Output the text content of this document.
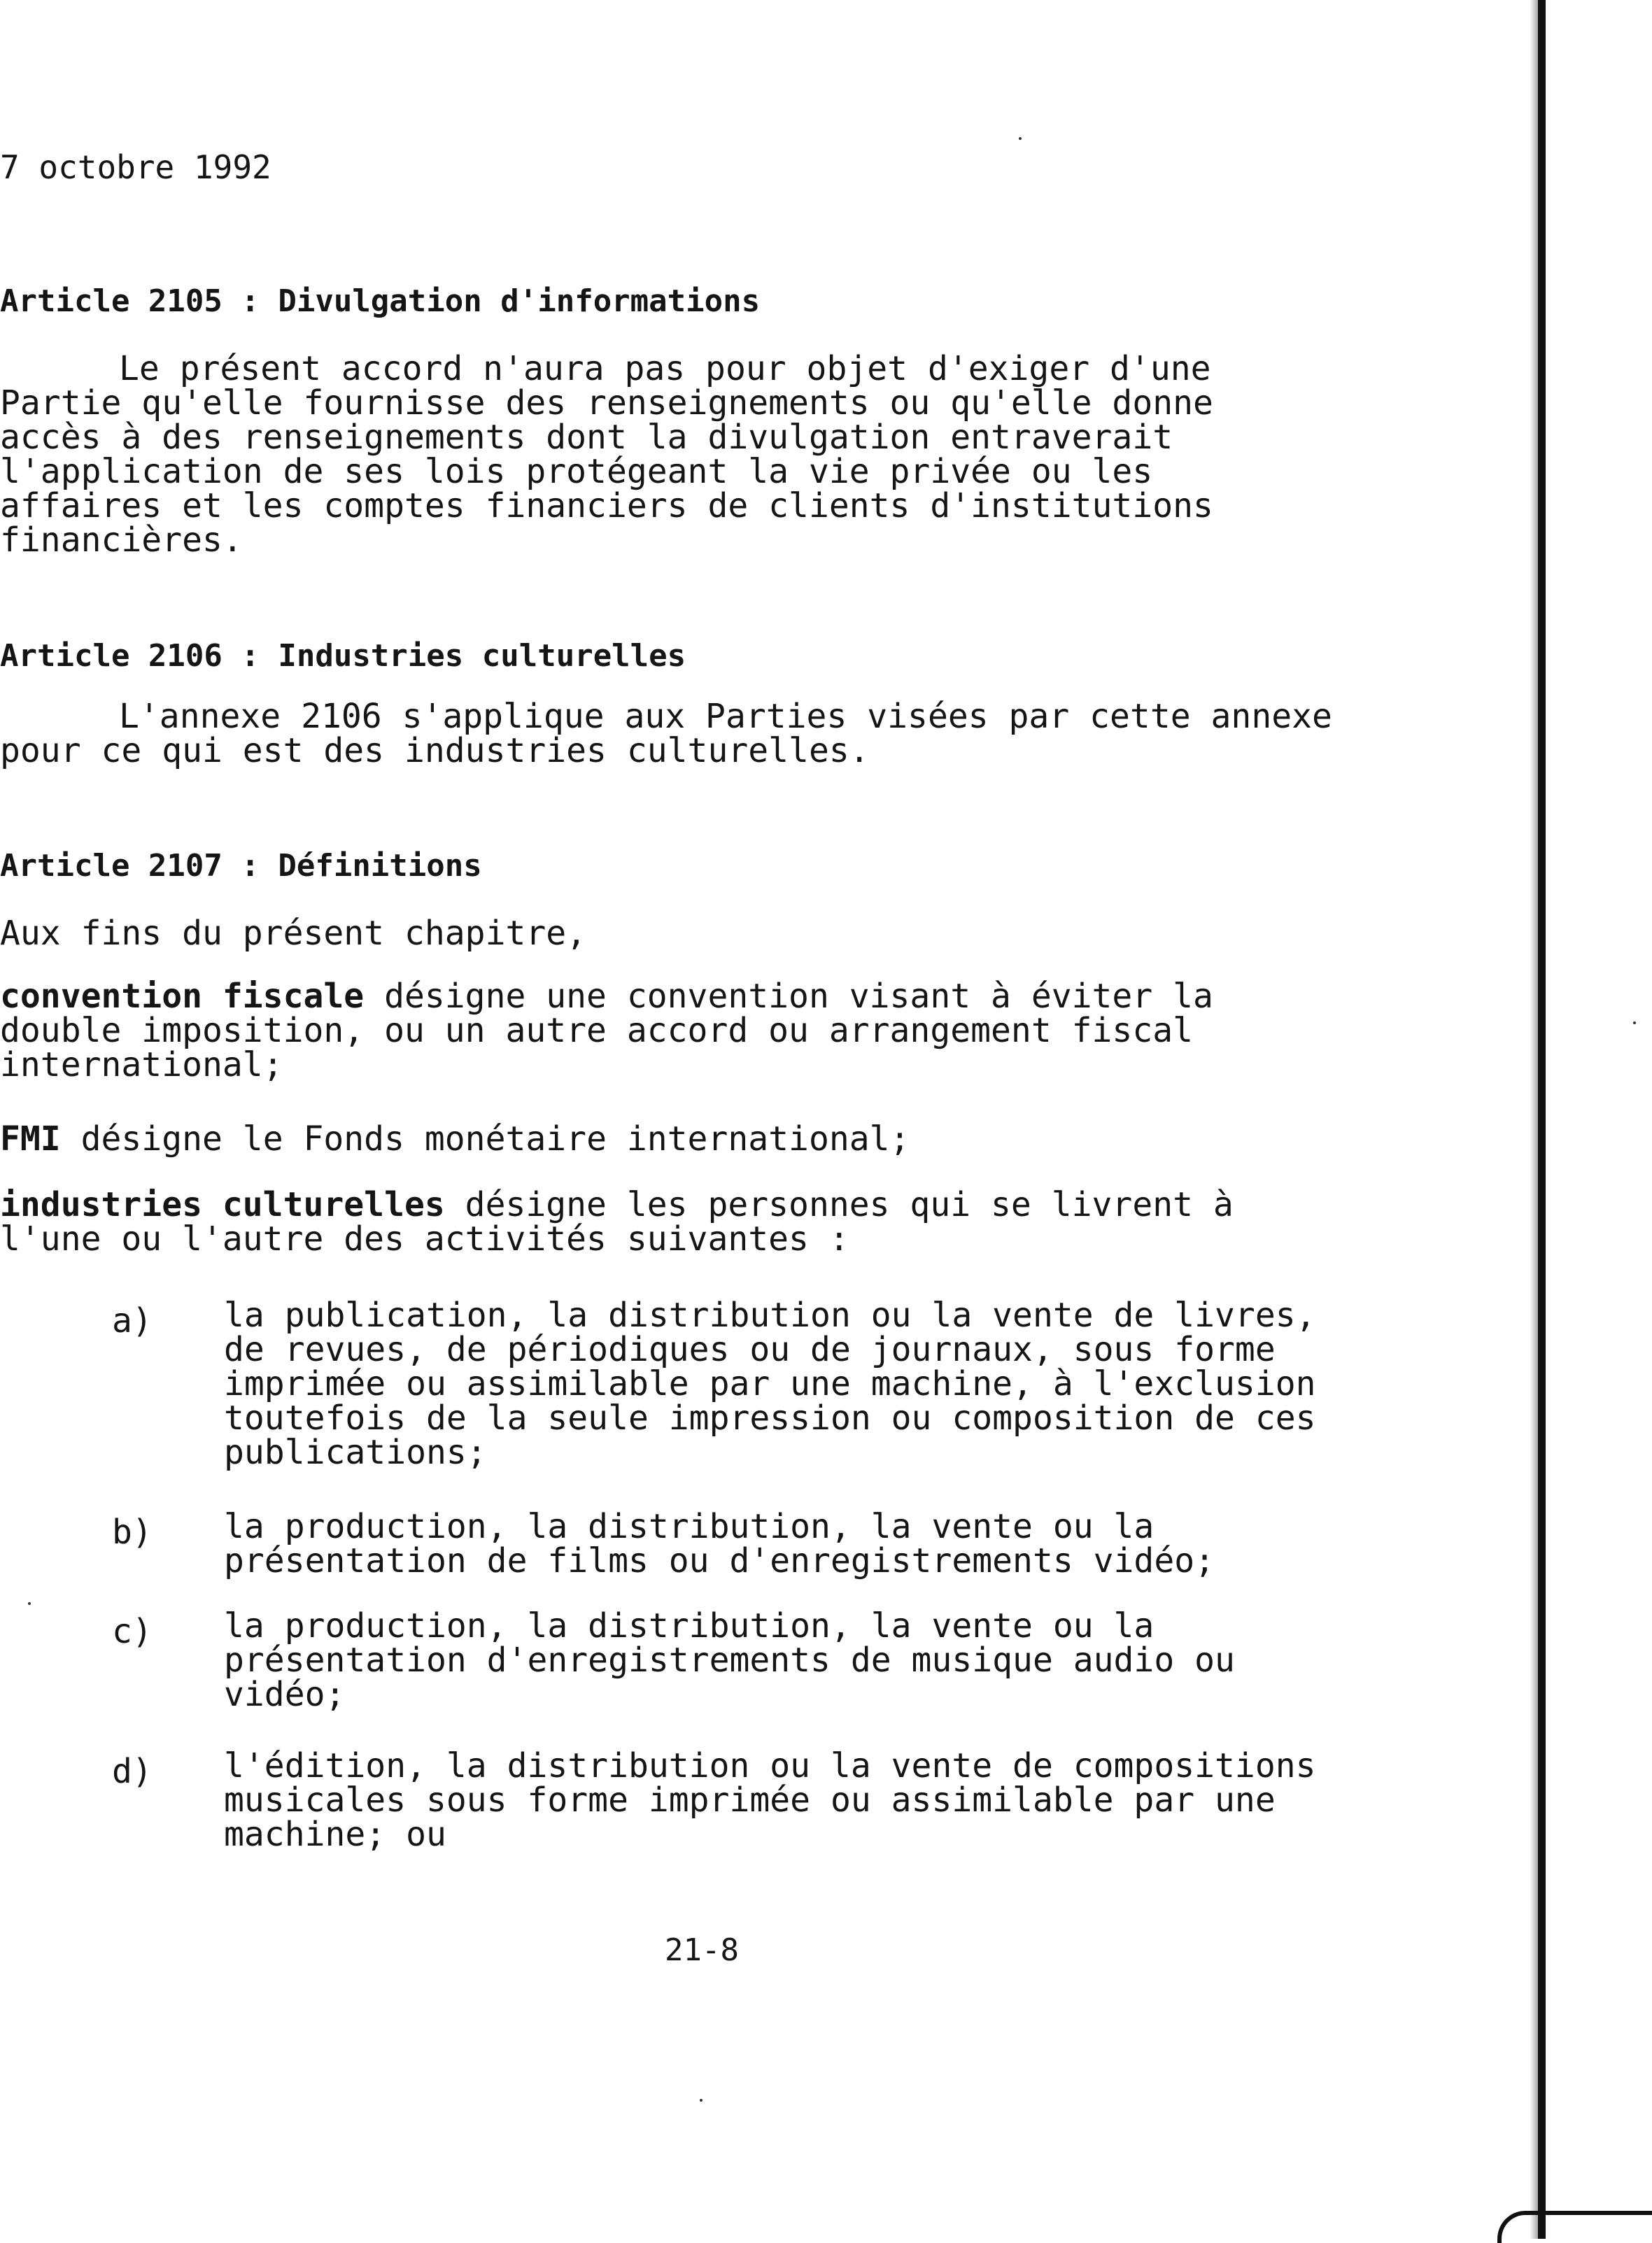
7 octobre 1992
Article 2105 : Divulgation d'informations
Le présent accord n'aura pas pour objet d'exiger d'une
Partie qu'elle fournisse des renseignements ou qu'elle donne
accès à des renseignements dont la divulgation entraverait
l'application de ses lois protégeant la vie privée ou les
affaires et les comptes financiers de clients d'institutions
financières.
Article 2106 : Industries culturelles
L'annexe 2106 s'applique aux Parties visées par cette annexe
pour ce qui est des industries culturelles.
Article 2107 : Définitions
Aux fins du présent chapitre,
convention fiscale désigne une convention visant à éviter la
double imposition, ou un autre accord ou arrangement fiscal
international;
FMI désigne le Fonds monétaire international;
industries culturelles désigne les personnes qui se livrent à
l'une ou l'autre des activités suivantes :
a)	la publication, la distribution ou la vente de livres,
de revues, de périodiques ou de journaux, sous forme
imprimée ou assimilable par une machine, à l'exclusion
toutefois de la seule impression ou composition de ces
publications;
b)	la production, la distribution, la vente ou la
présentation de films ou d'enregistrements vidéo;
c)	la production, la distribution, la vente ou la
présentation d'enregistrements de musique audio ou
vidéo;
d)	l'édition, la distribution ou la vente de compositions
musicales sous forme imprimée ou assimilable par une
machine; ou
21-8
